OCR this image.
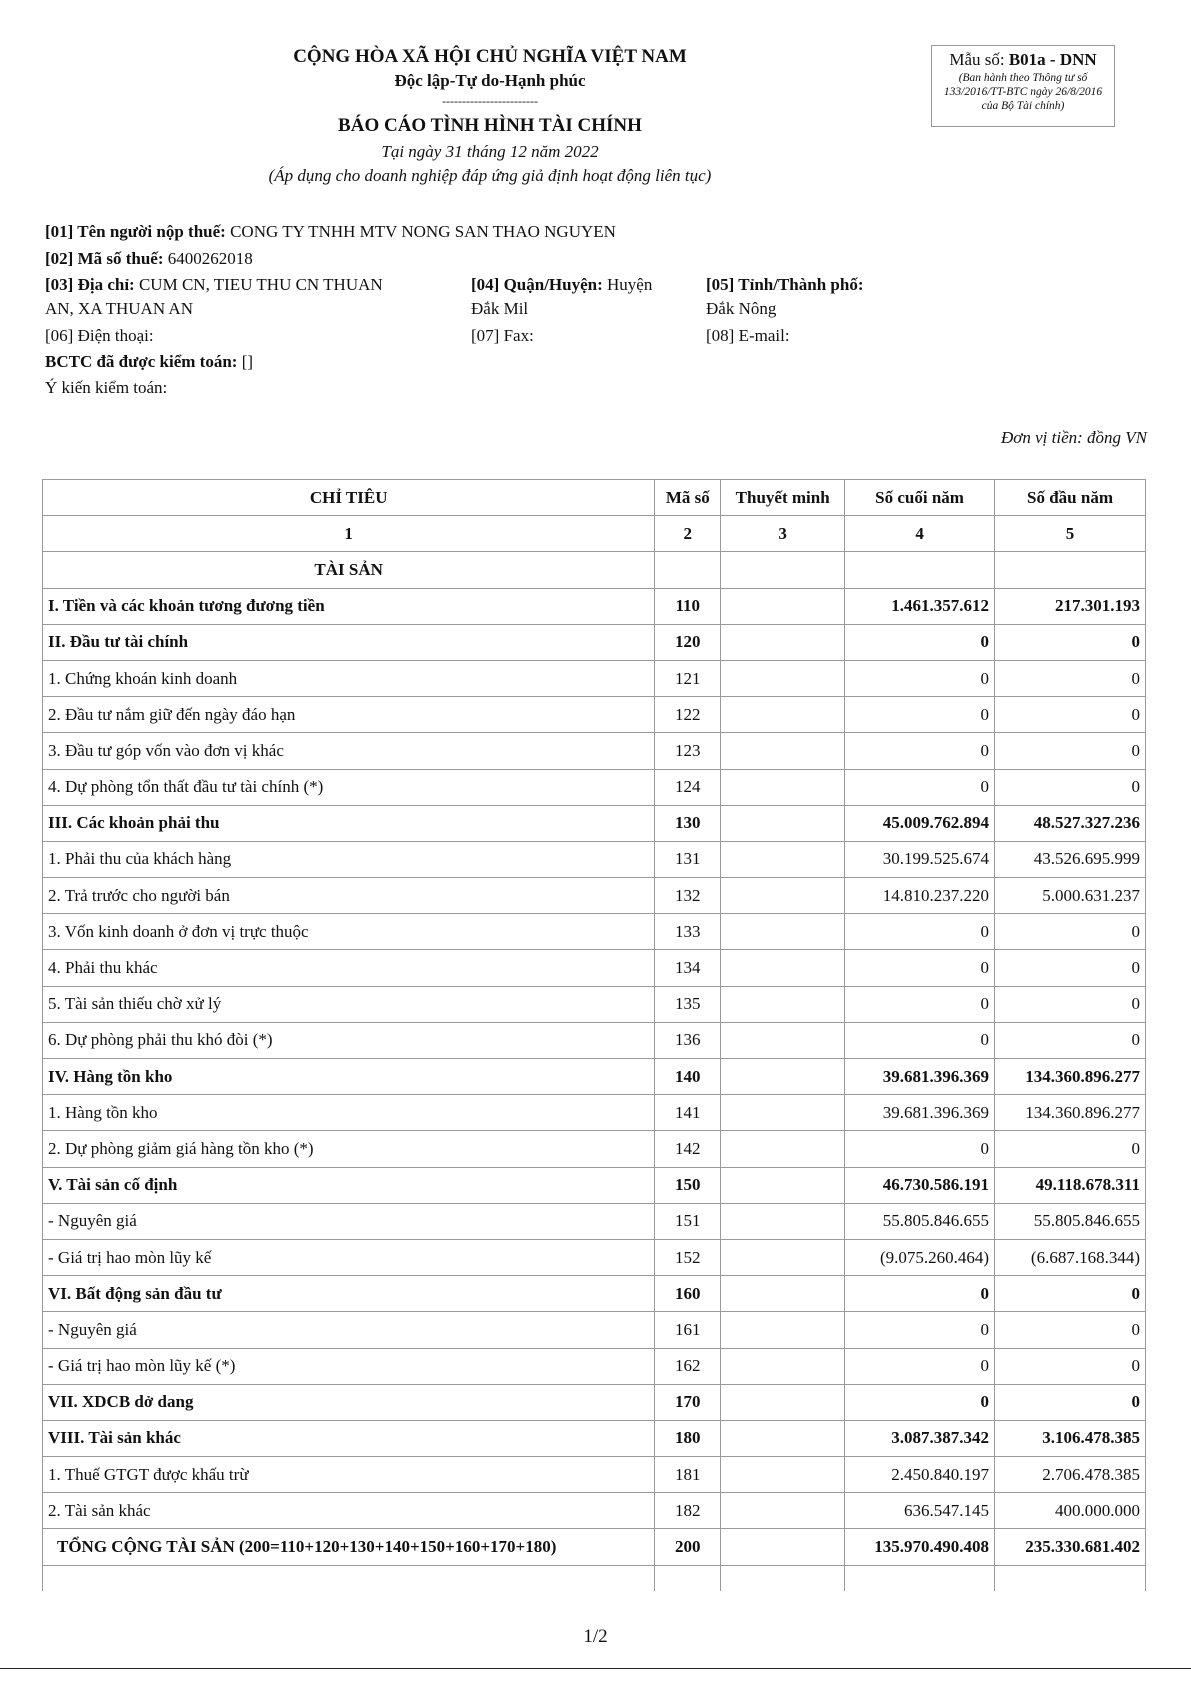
CỘNG HÒA XÃ HỘI CHỦ NGHĨA VIỆT NAM
Độc lập-Tự do-Hạnh phúc
------------------------
BÁO CÁO TÌNH HÌNH TÀI CHÍNH
Tại ngày 31 tháng 12 năm 2022
(Áp dụng cho doanh nghiệp đáp ứng giả định hoạt động liên tục)
Mẫu số: B01a - DNN
(Ban hành theo Thông tư số 133/2016/TT-BTC ngày 26/8/2016 của Bộ Tài chính)
[01] Tên người nộp thuế: CONG TY TNHH MTV NONG SAN THAO NGUYEN
[02] Mã số thuế: 6400262018
[03] Địa chỉ: CUM CN, TIEU THU CN THUAN
AN, XA THUAN AN
[04] Quận/Huyện: Huyện
Đắk Mil
[05] Tỉnh/Thành phố:
Đắk Nông
[06] Điện thoại:	[07] Fax:	[08] E-mail:
BCTC đã được kiểm toán: []
Ý kiến kiểm toán:
Đơn vị tiền: đồng VN
CHỈ TIÊU	Mã số	Thuyết minh	Số cuối năm	Số đầu năm
1	2	3	4	5
TÀI SẢN				
I. Tiền và các khoản tương đương tiền	110		1.461.357.612	217.301.193
II. Đầu tư tài chính	120		0	0
1. Chứng khoán kinh doanh	121		0	0
2. Đầu tư nắm giữ đến ngày đáo hạn	122		0	0
3. Đầu tư góp vốn vào đơn vị khác	123		0	0
4. Dự phòng tổn thất đầu tư tài chính (*)	124		0	0
III. Các khoản phải thu	130		45.009.762.894	48.527.327.236
1. Phải thu của khách hàng	131		30.199.525.674	43.526.695.999
2. Trả trước cho người bán	132		14.810.237.220	5.000.631.237
3. Vốn kinh doanh ở đơn vị trực thuộc	133		0	0
4. Phải thu khác	134		0	0
5. Tài sản thiếu chờ xử lý	135		0	0
6. Dự phòng phải thu khó đòi (*)	136		0	0
IV. Hàng tồn kho	140		39.681.396.369	134.360.896.277
1. Hàng tồn kho	141		39.681.396.369	134.360.896.277
2. Dự phòng giảm giá hàng tồn kho (*)	142		0	0
V. Tài sản cố định	150		46.730.586.191	49.118.678.311
- Nguyên giá	151		55.805.846.655	55.805.846.655
- Giá trị hao mòn lũy kế	152		(9.075.260.464)	(6.687.168.344)
VI. Bất động sản đầu tư	160		0	0
- Nguyên giá	161		0	0
- Giá trị hao mòn lũy kế (*)	162		0	0
VII. XDCB dở dang	170		0	0
VIII. Tài sản khác	180		3.087.387.342	3.106.478.385
1. Thuế GTGT được khấu trừ	181		2.450.840.197	2.706.478.385
2. Tài sản khác	182		636.547.145	400.000.000
TỔNG CỘNG TÀI SẢN (200=110+120+130+140+150+160+170+180)	200		135.970.490.408	235.330.681.402

1/2
